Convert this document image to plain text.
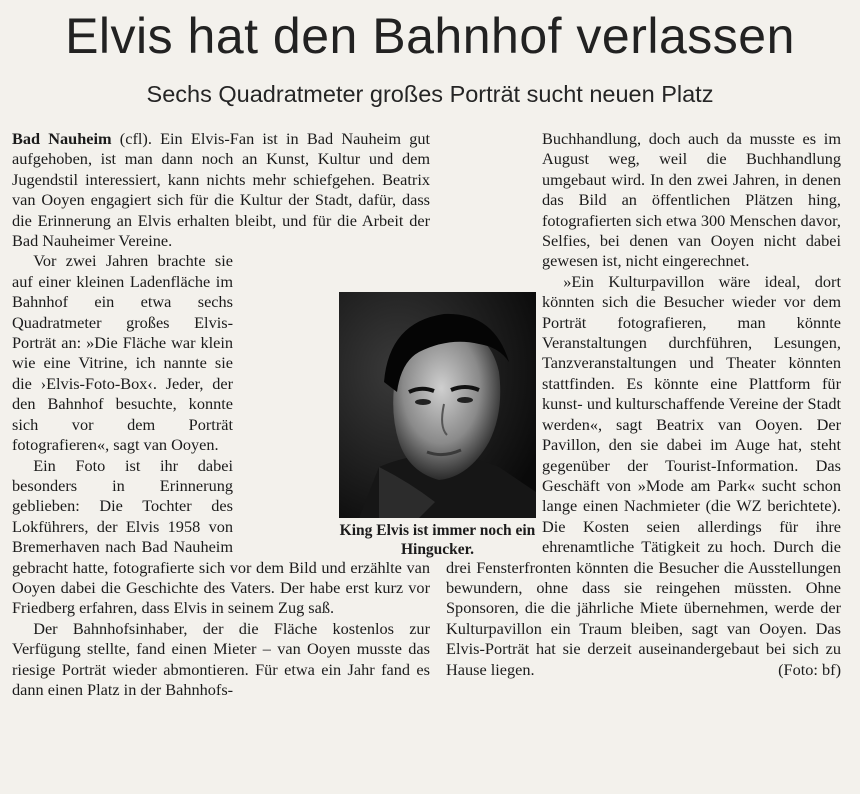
Elvis hat den Bahnhof verlassen
Sechs Quadratmeter großes Porträt sucht neuen Platz

Bad Nauheim (cfl). Ein Elvis-Fan ist in Bad Nauheim gut aufgehoben, ist man dann noch an Kunst, Kultur und dem Jugendstil interessiert, kann nichts mehr schiefgehen. Beatrix van Ooyen engagiert sich für die Kultur der Stadt, dafür, dass die Erinnerung an Elvis erhalten bleibt, und für die Arbeit der Bad Nauheimer Vereine.

Vor zwei Jahren brachte sie auf einer kleinen Ladenfläche im Bahnhof ein etwa sechs Quadratmeter großes Elvis-Porträt an: »Die Fläche war klein wie eine Vitrine, ich nannte sie die ›Elvis-Foto-Box‹. Jeder, der den Bahnhof besuchte, konnte sich vor dem Porträt fotografieren«, sagt van Ooyen.

Ein Foto ist ihr dabei besonders in Erinnerung geblieben: Die Tochter des Lokführers, der Elvis 1958 von Bremerhaven nach Bad Nauheim gebracht hatte, fotografierte sich vor dem Bild und erzählte van Ooyen dabei die Geschichte des Vaters. Der habe erst kurz vor Friedberg erfahren, dass Elvis in seinem Zug saß.

Der Bahnhofsinhaber, der die Fläche kostenlos zur Verfügung stellte, fand einen Mieter – van Ooyen musste das riesige Porträt wieder abmontieren. Für etwa ein Jahr fand es dann einen Platz in der Bahnhofs-

Buchhandlung, doch auch da musste es im August weg, weil die Buchhandlung umgebaut wird. In den zwei Jahren, in denen das Bild an öffentlichen Plätzen hing, fotografierten sich etwa 300 Menschen davor, Selfies, bei denen van Ooyen nicht dabei gewesen ist, nicht eingerechnet.

»Ein Kulturpavillon wäre ideal, dort könnten sich die Besucher wieder vor dem Porträt fotografieren, man könnte Veranstaltungen durchführen, Lesungen, Tanzveranstaltungen und Theater könnten stattfinden. Es könnte eine Plattform für kunst- und kulturschaffende Vereine der Stadt werden«, sagt Beatrix van Ooyen. Der Pavillon, den sie dabei im Auge hat, steht gegenüber der Tourist-Information. Das Geschäft von »Mode am Park« sucht schon lange einen Nachmieter (die WZ berichtete). Die Kosten seien allerdings für ihre ehrenamtliche Tätigkeit zu hoch. Durch die drei Fensterfronten könnten die Besucher die Ausstellungen bewundern, ohne dass sie reingehen müssten. Ohne Sponsoren, die die jährliche Miete übernehmen, werde der Kulturpavillon ein Traum bleiben, sagt van Ooyen. Das Elvis-Porträt hat sie derzeit auseinandergebaut bei sich zu Hause liegen.	(Foto: bf)

King Elvis ist immer noch ein Hingucker.
